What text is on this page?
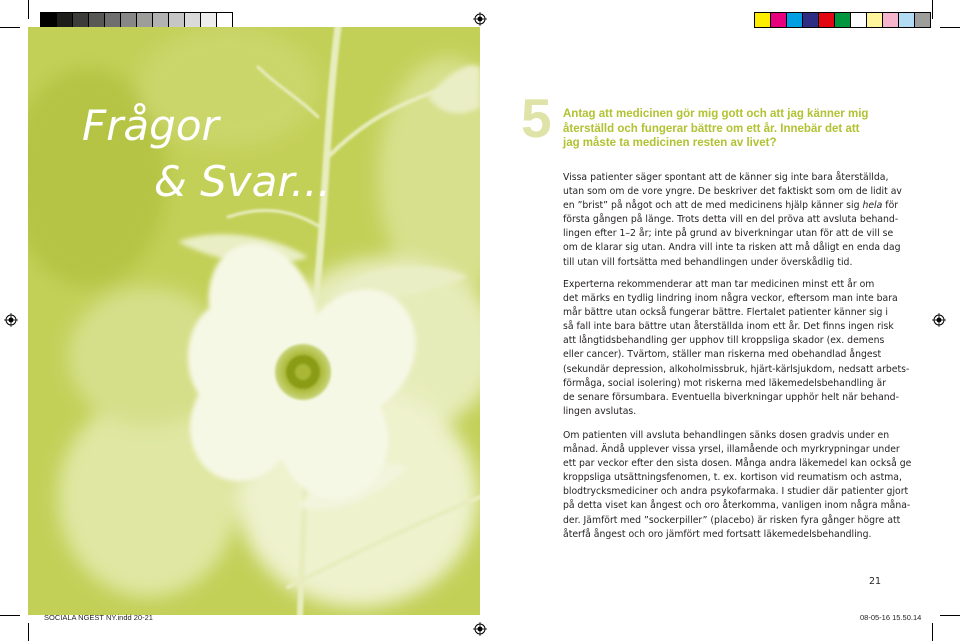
Frågor
& Svar...
5 Antag att medicinen gör mig gott och att jag känner mig
återställd och fungerar bättre om ett år. Innebär det att
jag måste ta medicinen resten av livet?
Vissa patienter säger spontant att de känner sig inte bara återställda,
utan som om de vore yngre. De beskriver det faktiskt som om de lidit av
en ”brist” på något och att de med medicinens hjälp känner sig hela för
första gången på länge. Trots detta vill en del pröva att avsluta behand-
lingen efter 1–2 år; inte på grund av biverkningar utan för att de vill se
om de klarar sig utan. Andra vill inte ta risken att må dåligt en enda dag
till utan vill fortsätta med behandlingen under överskådlig tid.
Experterna rekommenderar att man tar medicinen minst ett år om
det märks en tydlig lindring inom några veckor, eftersom man inte bara
mår bättre utan också fungerar bättre. Flertalet patienter känner sig i
så fall inte bara bättre utan återställda inom ett år. Det finns ingen risk
att långtidsbehandling ger upphov till kroppsliga skador (ex. demens
eller cancer). Tvärtom, ställer man riskerna med obehandlad ångest
(sekundär depression, alkoholmissbruk, hjärt-kärlsjukdom, nedsatt arbets-
förmåga, social isolering) mot riskerna med läkemedelsbehandling är
de senare försumbara. Eventuella biverkningar upphör helt när behand-
lingen avslutas.
Om patienten vill avsluta behandlingen sänks dosen gradvis under en
månad. Ändå upplever vissa yrsel, illamående och myrkrypningar under
ett par veckor efter den sista dosen. Många andra läkemedel kan också ge
kroppsliga utsättningsfenomen, t. ex. kortison vid reumatism och astma,
blodtrycksmediciner och andra psykofarmaka. I studier där patienter gjort
på detta viset kan ångest och oro återkomma, vanligen inom några måna-
der. Jämfört med ”sockerpiller” (placebo) är risken fyra gånger högre att
återfå ångest och oro jämfört med fortsatt läkemedelsbehandling.
21
SOCIALA NGEST NY.indd 20-21	08-05-16 15.50.14
